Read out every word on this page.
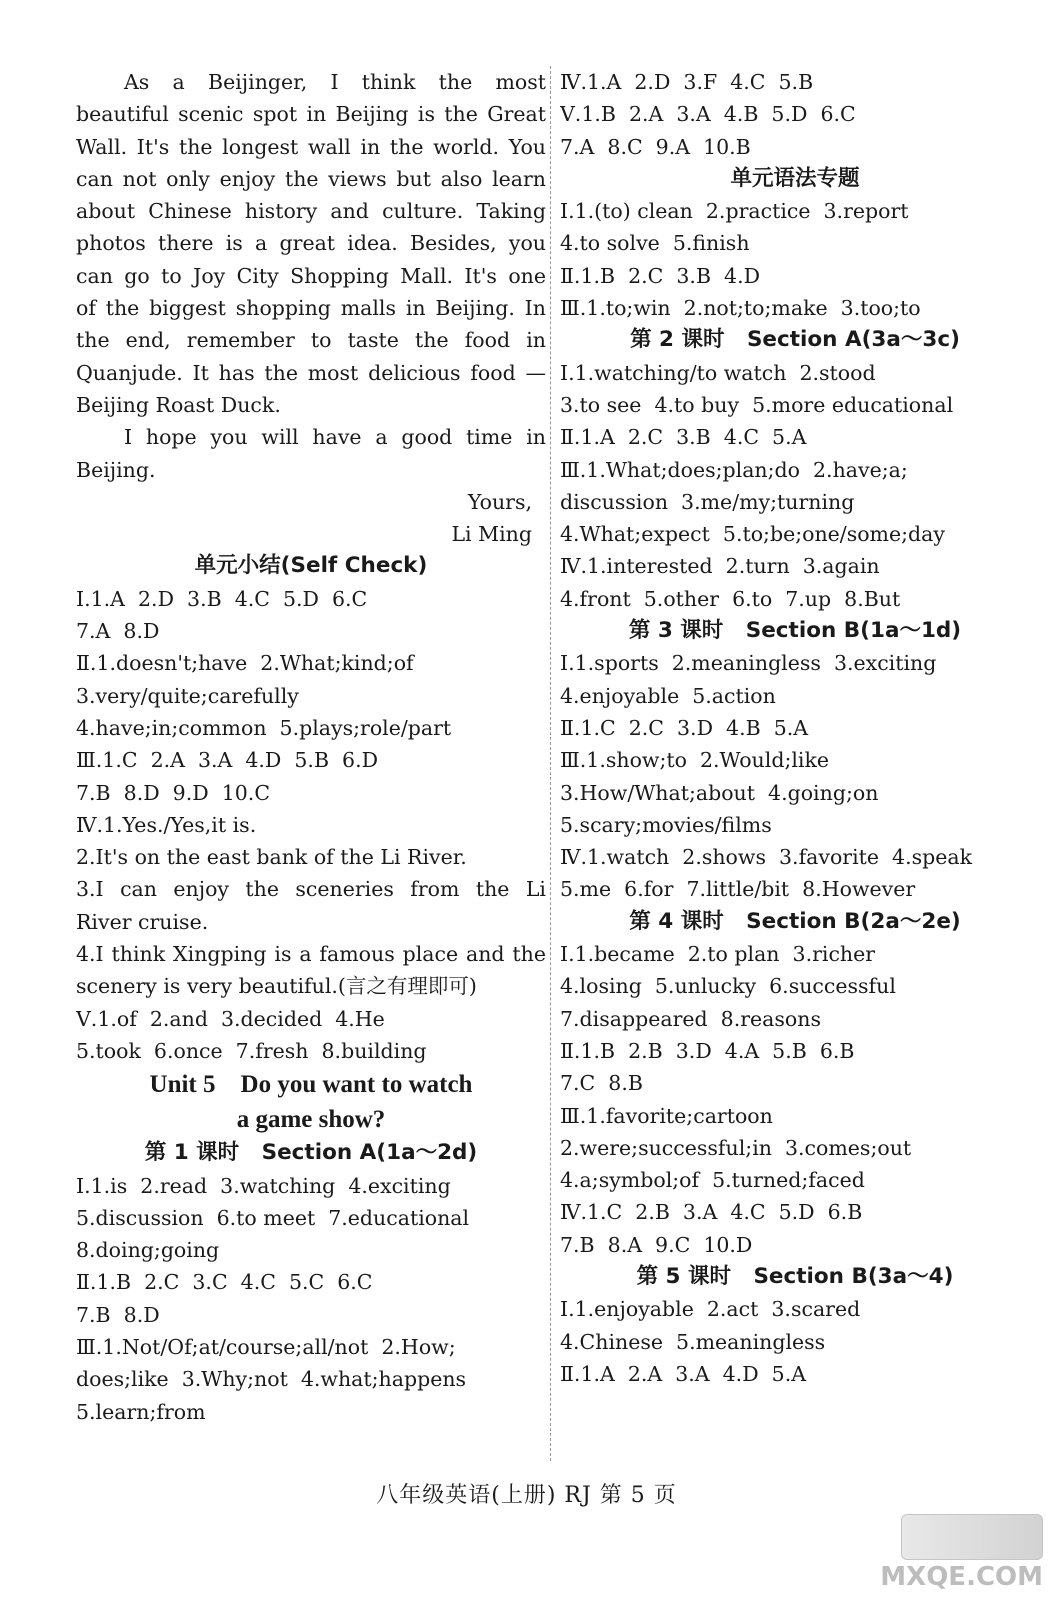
As a Beijinger, I think the most
beautiful scenic spot in Beijing is the Great
Wall. It's the longest wall in the world. You
can not only enjoy the views but also learn
about Chinese history and culture. Taking
photos there is a great idea. Besides, you
can go to Joy City Shopping Mall. It's one
of the biggest shopping malls in Beijing. In
the end, remember to taste the food in
Quanjude. It has the most delicious food —
Beijing Roast Duck.
I hope you will have a good time in
Beijing.
Yours,
Li Ming
单元小结(Self Check)
Ⅰ.1.A  2.D  3.B  4.C  5.D  6.C
7.A  8.D
Ⅱ.1.doesn't;have  2.What;kind;of
3.very/quite;carefully
4.have;in;common  5.plays;role/part
Ⅲ.1.C  2.A  3.A  4.D  5.B  6.D
7.B  8.D  9.D  10.C
Ⅳ.1.Yes./Yes,it is.
2.It's on the east bank of the Li River.
3.I can enjoy the sceneries from the Li
River cruise.
4.I think Xingping is a famous place and the
scenery is very beautiful.(言之有理即可)
Ⅴ.1.of  2.and  3.decided  4.He
5.took  6.once  7.fresh  8.building
Unit 5    Do you want to watch
a game show?
第 1 课时   Section A(1a～2d)
Ⅰ.1.is  2.read  3.watching  4.exciting
5.discussion  6.to meet  7.educational
8.doing;going
Ⅱ.1.B  2.C  3.C  4.C  5.C  6.C
7.B  8.D
Ⅲ.1.Not/Of;at/course;all/not  2.How;
does;like  3.Why;not  4.what;happens
5.learn;from
Ⅳ.1.A  2.D  3.F  4.C  5.B
Ⅴ.1.B  2.A  3.A  4.B  5.D  6.C
7.A  8.C  9.A  10.B
单元语法专题
Ⅰ.1.(to) clean  2.practice  3.report
4.to solve  5.finish
Ⅱ.1.B  2.C  3.B  4.D
Ⅲ.1.to;win  2.not;to;make  3.too;to
第 2 课时   Section A(3a～3c)
Ⅰ.1.watching/to watch  2.stood
3.to see  4.to buy  5.more educational
Ⅱ.1.A  2.C  3.B  4.C  5.A
Ⅲ.1.What;does;plan;do  2.have;a;
discussion  3.me/my;turning
4.What;expect  5.to;be;one/some;day
Ⅳ.1.interested  2.turn  3.again
4.front  5.other  6.to  7.up  8.But
第 3 课时   Section B(1a～1d)
Ⅰ.1.sports  2.meaningless  3.exciting
4.enjoyable  5.action
Ⅱ.1.C  2.C  3.D  4.B  5.A
Ⅲ.1.show;to  2.Would;like
3.How/What;about  4.going;on
5.scary;movies/films
Ⅳ.1.watch  2.shows  3.favorite  4.speak
5.me  6.for  7.little/bit  8.However
第 4 课时   Section B(2a～2e)
Ⅰ.1.became  2.to plan  3.richer
4.losing  5.unlucky  6.successful
7.disappeared  8.reasons
Ⅱ.1.B  2.B  3.D  4.A  5.B  6.B
7.C  8.B
Ⅲ.1.favorite;cartoon
2.were;successful;in  3.comes;out
4.a;symbol;of  5.turned;faced
Ⅳ.1.C  2.B  3.A  4.C  5.D  6.B
7.B  8.A  9.C  10.D
第 5 课时   Section B(3a～4)
Ⅰ.1.enjoyable  2.act  3.scared
4.Chinese  5.meaningless
Ⅱ.1.A  2.A  3.A  4.D  5.A
八年级英语(上册) RJ 第 5 页
MXQE.COM
